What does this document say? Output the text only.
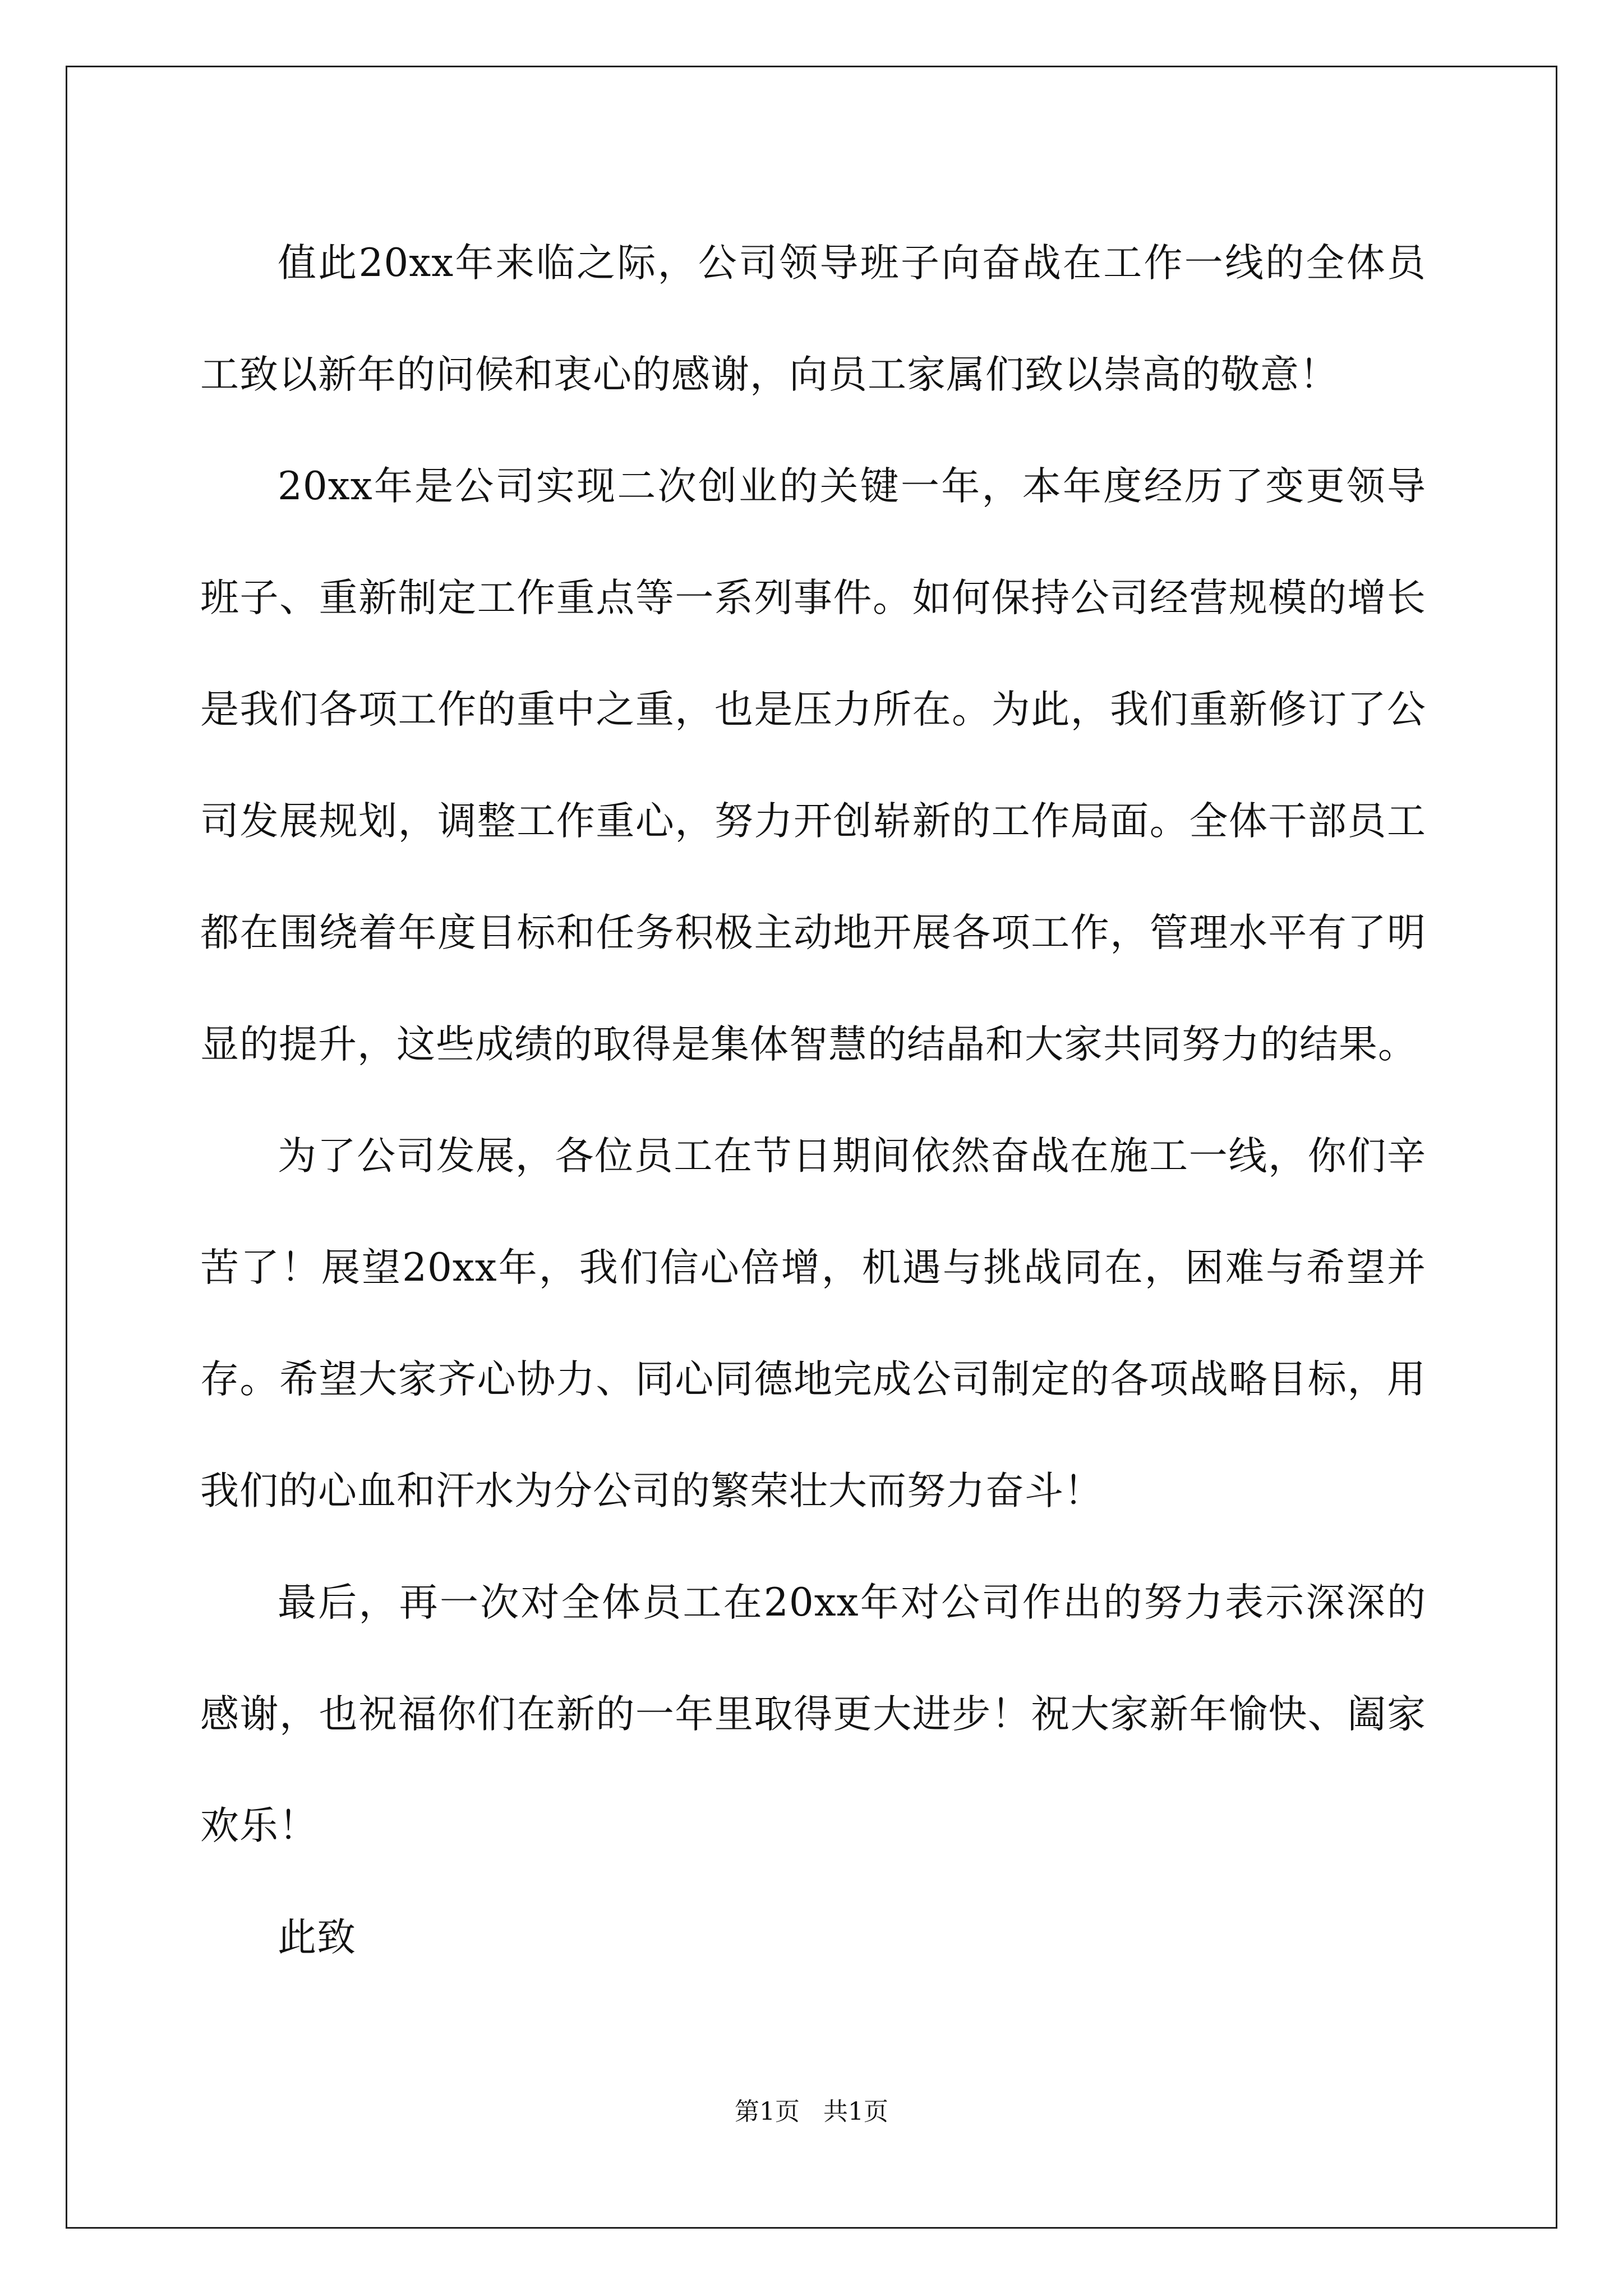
值此20xx年来临之际，公司领导班子向奋战在工作一线的全体员工致以新年的问候和衷心的感谢，向员工家属们致以崇高的敬意！

20xx年是公司实现二次创业的关键一年，本年度经历了变更领导班子、重新制定工作重点等一系列事件。如何保持公司经营规模的增长是我们各项工作的重中之重，也是压力所在。为此，我们重新修订了公司发展规划，调整工作重心，努力开创崭新的工作局面。全体干部员工都在围绕着年度目标和任务积极主动地开展各项工作，管理水平有了明显的提升，这些成绩的取得是集体智慧的结晶和大家共同努力的结果。

为了公司发展，各位员工在节日期间依然奋战在施工一线，你们辛苦了！展望20xx年，我们信心倍增，机遇与挑战同在，困难与希望并存。希望大家齐心协力、同心同德地完成公司制定的各项战略目标，用我们的心血和汗水为分公司的繁荣壮大而努力奋斗！

最后，再一次对全体员工在20xx年对公司作出的努力表示深深的感谢，也祝福你们在新的一年里取得更大进步！祝大家新年愉快、阖家欢乐！

此致

第1页   共1页
